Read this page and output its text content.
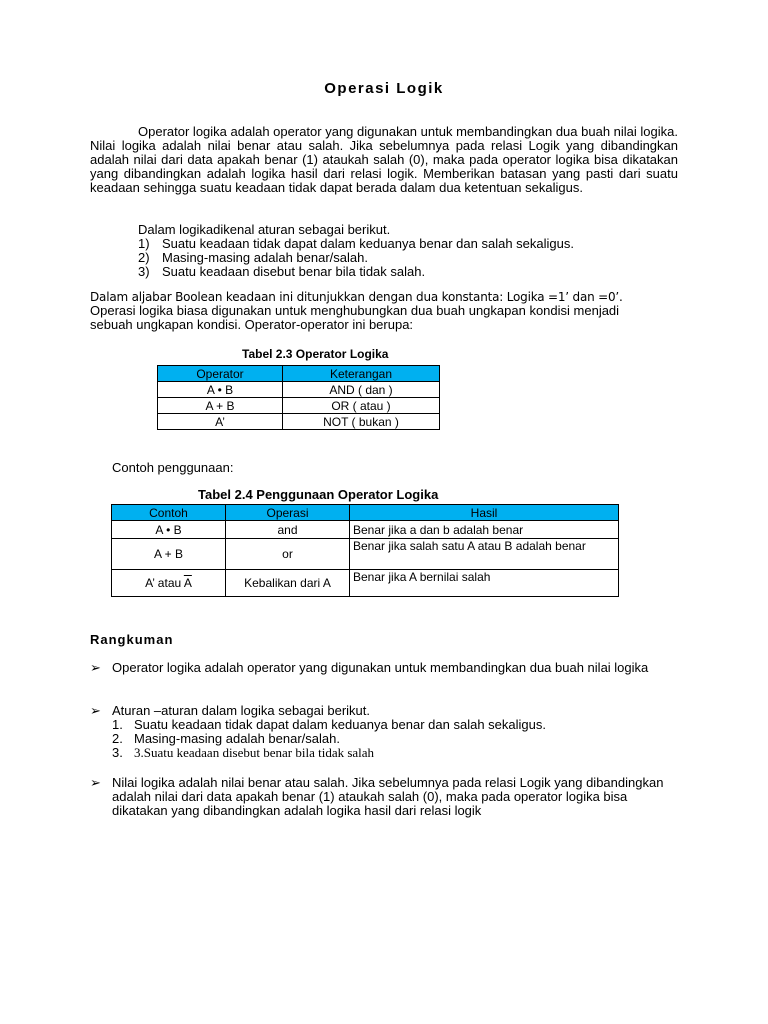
Operasi Logik
Operator logika adalah operator yang digunakan untuk membandingkan dua buah nilai logika. Nilai logika adalah nilai benar atau salah. Jika sebelumnya pada relasi Logik yang dibandingkan adalah nilai dari data apakah benar (1) ataukah salah (0), maka pada operator logika bisa dikatakan yang dibandingkan adalah logika hasil dari relasi logik. Memberikan batasan yang pasti dari suatu keadaan sehingga suatu keadaan tidak dapat berada dalam dua ketentuan sekaligus.
Dalam logikadikenal aturan sebagai berikut.
1) Suatu keadaan tidak dapat dalam keduanya benar dan salah sekaligus.
2) Masing-masing adalah benar/salah.
3) Suatu keadaan disebut benar bila tidak salah.
Dalam aljabar Boolean keadaan ini ditunjukkan dengan dua konstanta: Logika =1’ dan =0’.
Operasi logika biasa digunakan untuk menghubungkan dua buah ungkapan kondisi menjadi sebuah ungkapan kondisi. Operator-operator ini berupa:
Tabel 2.3 Operator Logika
Operator	Keterangan
A • B	AND ( dan )
A + B	OR ( atau )
A’	NOT ( bukan )
Contoh penggunaan:
Tabel 2.4 Penggunaan Operator Logika
Contoh	Operasi	Hasil
A • B	and	Benar jika a dan b adalah benar
A + B	or	Benar jika salah satu A atau B adalah benar
A’ atau $\overline{A}$	Kebalikan dari A	Benar jika A bernilai salah
Rangkuman
➢ Operator logika adalah operator yang digunakan untuk membandingkan dua buah nilai logika
➢ Aturan –aturan dalam logika sebagai berikut.
1. Suatu keadaan tidak dapat dalam keduanya benar dan salah sekaligus.
2. Masing-masing adalah benar/salah.
3. 3.Suatu keadaan disebut benar bila tidak salah
➢ Nilai logika adalah nilai benar atau salah. Jika sebelumnya pada relasi Logik yang dibandingkan adalah nilai dari data apakah benar (1) ataukah salah (0), maka pada operator logika bisa dikatakan yang dibandingkan adalah logika hasil dari relasi logik
